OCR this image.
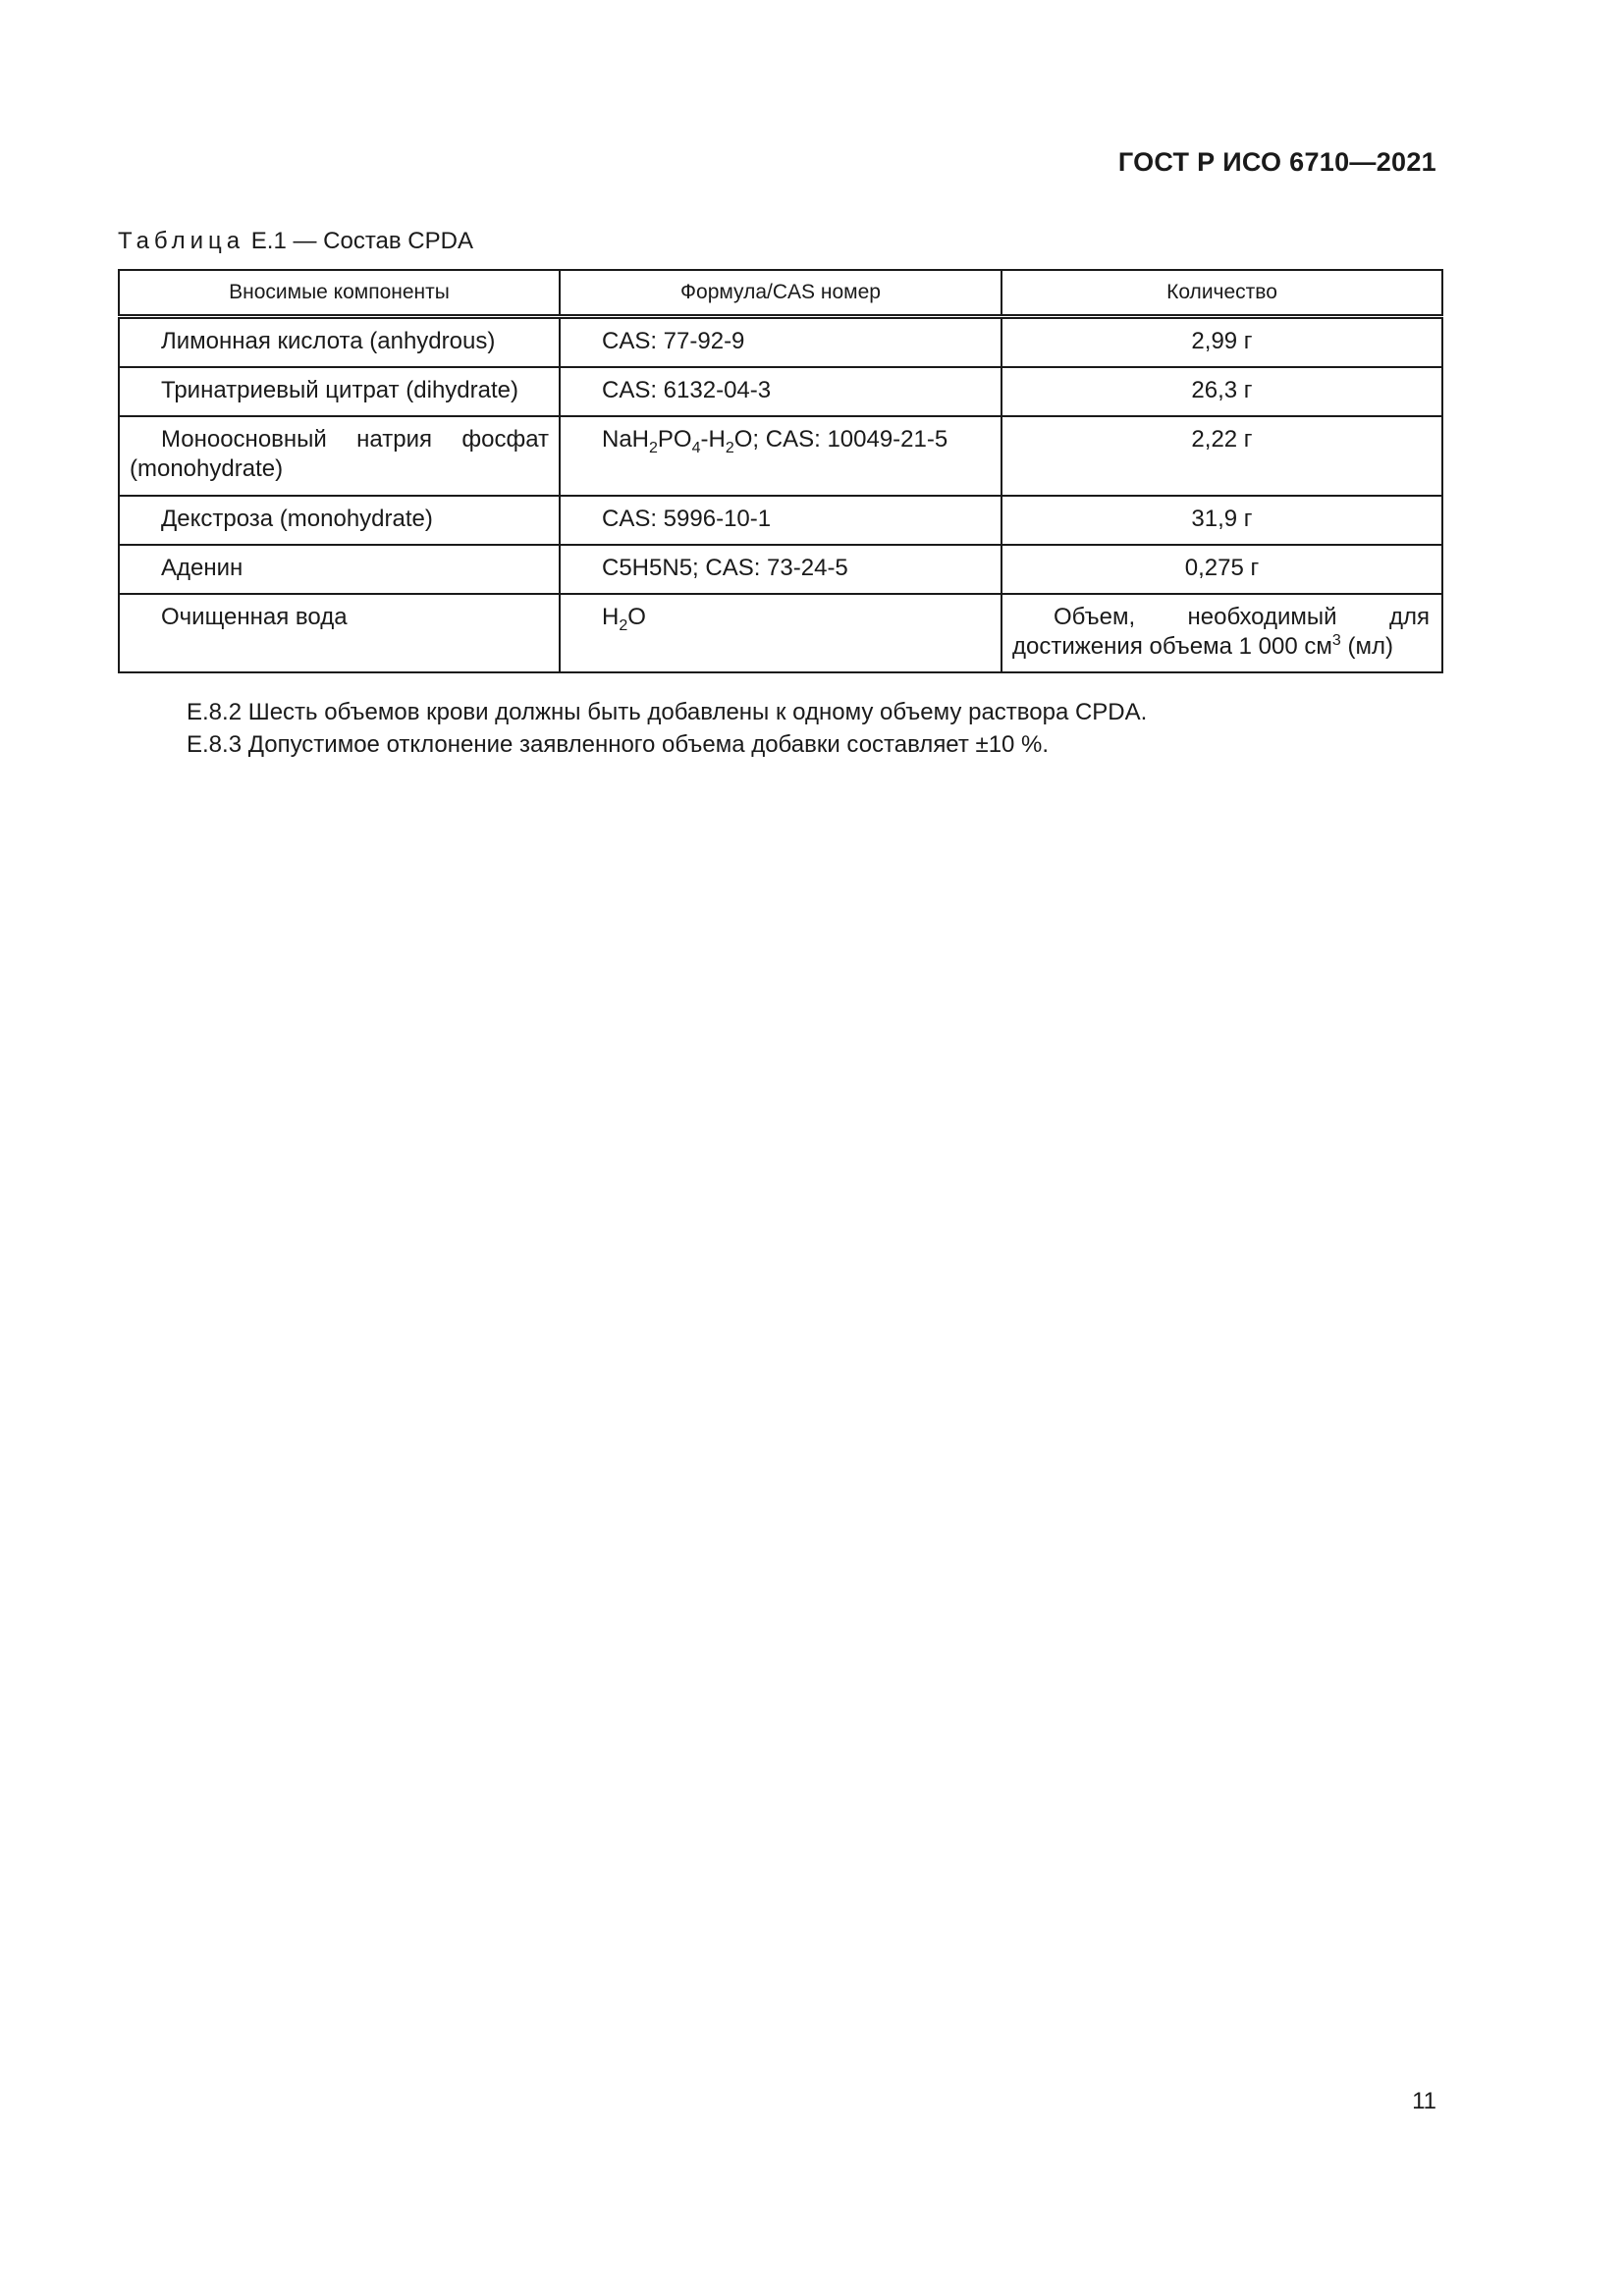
ГОСТ Р ИСО 6710—2021
Таблица Е.1 — Состав CPDA
Вносимые компоненты	Формула/CAS номер	Количество
Лимонная кислота (anhydrous)	CAS: 77-92-9	2,99 г
Тринатриевый цитрат (dihydrate)	CAS: 6132-04-3	26,3 г
Моноосновный натрия фосфат (monohydrate)	$NaH_2PO_4-H_2O$; CAS: 10049-21-5	2,22 г
Декстроза (monohydrate)	CAS: 5996-10-1	31,9 г
Аденин	C5H5N5; CAS: 73-24-5	0,275 г
Очищенная вода	$H_2O$	Объем, необходимый для достижения объема 1 000 $см^3$ (мл)
Е.8.2 Шесть объемов крови должны быть добавлены к одному объему раствора CPDA.
Е.8.3 Допустимое отклонение заявленного объема добавки составляет ±10 %.
11
